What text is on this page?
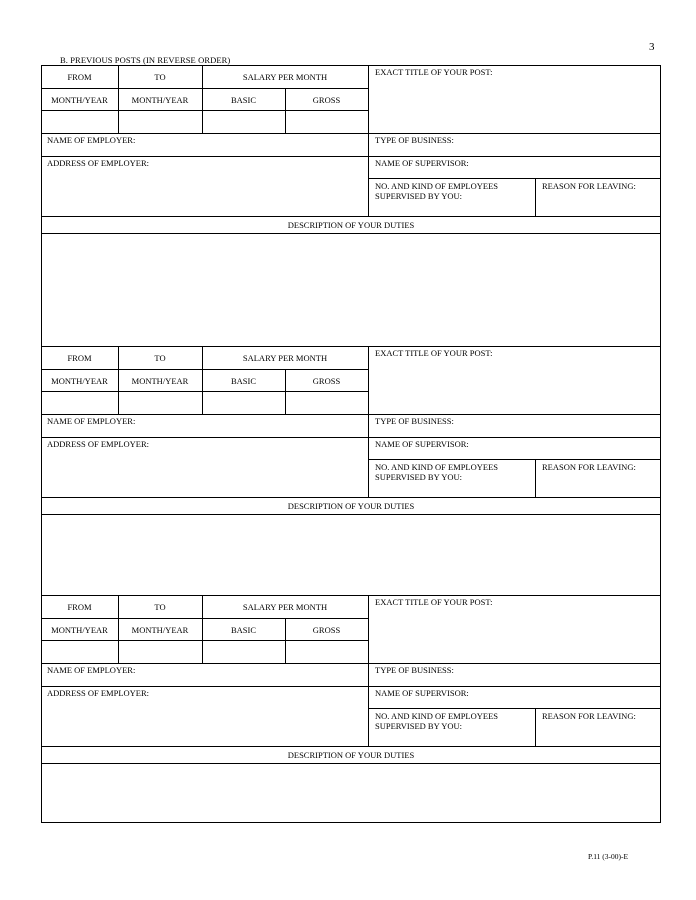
3
B. PREVIOUS POSTS (IN REVERSE ORDER)
FROM	TO	SALARY PER MONTH
MONTH/YEAR	MONTH/YEAR	BASIC	GROSS
EXACT TITLE OF YOUR POST:
NAME OF EMPLOYER:	TYPE OF BUSINESS:
ADDRESS OF EMPLOYER:	NAME OF SUPERVISOR:
NO. AND KIND OF EMPLOYEES SUPERVISED BY YOU:
REASON FOR LEAVING:
DESCRIPTION OF YOUR DUTIES
FROM	TO	SALARY PER MONTH
MONTH/YEAR	MONTH/YEAR	BASIC	GROSS
EXACT TITLE OF YOUR POST:
NAME OF EMPLOYER:	TYPE OF BUSINESS:
ADDRESS OF EMPLOYER:	NAME OF SUPERVISOR:
NO. AND KIND OF EMPLOYEES SUPERVISED BY YOU:
REASON FOR LEAVING:
DESCRIPTION OF YOUR DUTIES
FROM	TO	SALARY PER MONTH
MONTH/YEAR	MONTH/YEAR	BASIC	GROSS
EXACT TITLE OF YOUR POST:
NAME OF EMPLOYER:	TYPE OF BUSINESS:
ADDRESS OF EMPLOYER:	NAME OF SUPERVISOR:
NO. AND KIND OF EMPLOYEES SUPERVISED BY YOU:
REASON FOR LEAVING:
DESCRIPTION OF YOUR DUTIES
P.11 (3-00)-E
